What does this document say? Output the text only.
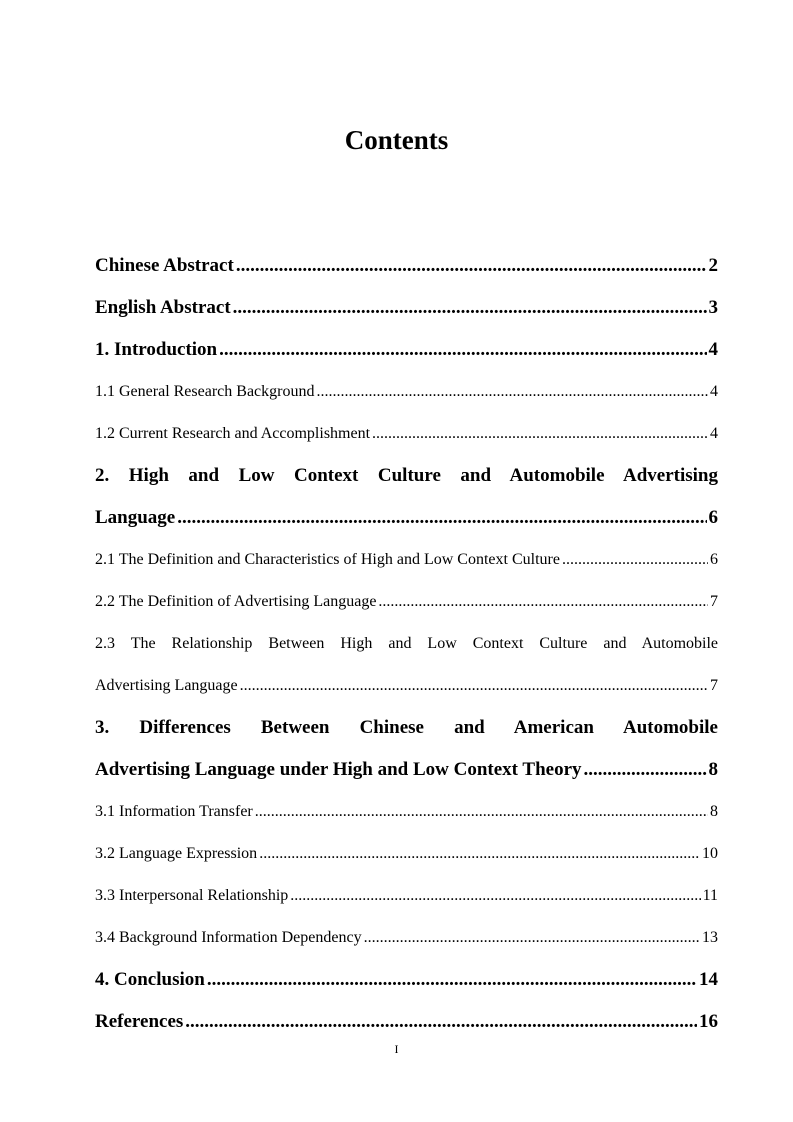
Contents
Chinese Abstract .....	2
English Abstract .....	3
1. Introduction .....	4
1.1 General Research Background .....	4
1.2 Current Research and Accomplishment .....	4
2. High and Low Context Culture and Automobile Advertising
Language .....	6
2.1 The Definition and Characteristics of High and Low Context Culture .....	6
2.2 The Definition of Advertising Language .....	7
2.3 The Relationship Between High and Low Context Culture and Automobile
Advertising Language .....	7
3. Differences Between Chinese and American Automobile
Advertising Language under High and Low Context Theory .....	8
3.1 Information Transfer .....	8
3.2 Language Expression .....	10
3.3 Interpersonal Relationship .....	11
3.4 Background Information Dependency .....	13
4. Conclusion .....	14
References .....	16
I
